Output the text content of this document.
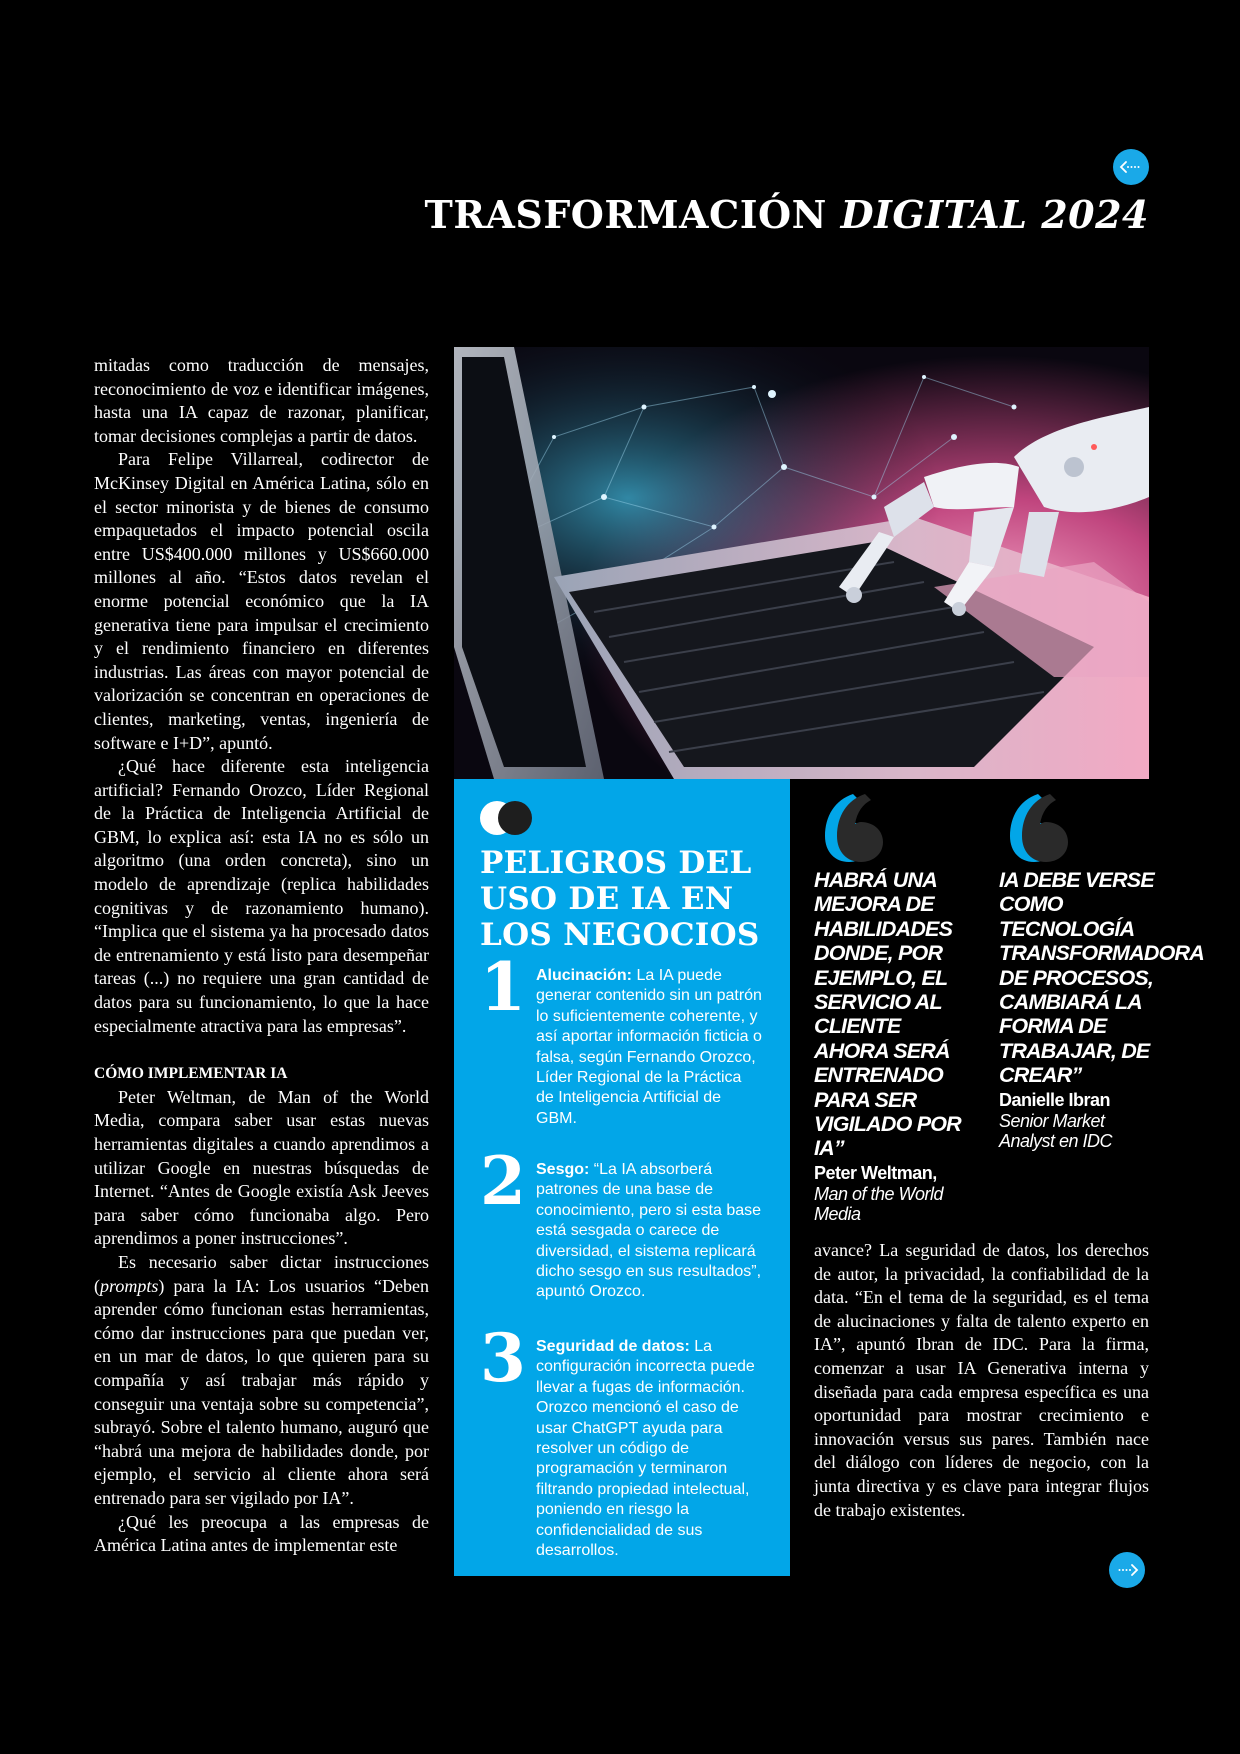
TRASFORMACIÓN DIGITAL 2024

mitadas como traducción de mensajes, reconocimiento de voz e identificar imágenes, hasta una IA capaz de razonar, planificar, tomar decisiones complejas a partir de datos.

Para Felipe Villarreal, codirector de McKinsey Digital en América Latina, sólo en el sector minorista y de bienes de consumo empaquetados el impacto potencial oscila entre US$400.000 millones y US$660.000 millones al año. “Estos datos revelan el enorme potencial económico que la IA generativa tiene para impulsar el crecimiento y el rendimiento financiero en diferentes industrias. Las áreas con mayor potencial de valorización se concentran en operaciones de clientes, marketing, ventas, ingeniería de software e I+D”, apuntó.

¿Qué hace diferente esta inteligencia artificial? Fernando Orozco, Líder Regional de la Práctica de Inteligencia Artificial de GBM, lo explica así: esta IA no es sólo un algoritmo (una orden concreta), sino un modelo de aprendizaje (replica habilidades cognitivas y de razonamiento humano). “Implica que el sistema ya ha procesado datos de entrenamiento y está listo para desempeñar tareas (...) no requiere una gran cantidad de datos para su funcionamiento, lo que la hace especialmente atractiva para las empresas”.

CÓMO IMPLEMENTAR IA

Peter Weltman, de Man of the World Media, compara saber usar estas nuevas herramientas digitales a cuando aprendimos a utilizar Google en nuestras búsquedas de Internet. “Antes de Google existía Ask Jeeves para saber cómo funcionaba algo. Pero aprendimos a poner instrucciones”.

Es necesario saber dictar instrucciones (prompts) para la IA: Los usuarios “Deben aprender cómo funcionan estas herramientas, cómo dar instrucciones para que puedan ver, en un mar de datos, lo que quieren para su compañía y así trabajar más rápido y conseguir una ventaja sobre su competencia”, subrayó. Sobre el talento humano, auguró que “habrá una mejora de habilidades donde, por ejemplo, el servicio al cliente ahora será entrenado para ser vigilado por IA”.

¿Qué les preocupa a las empresas de América Latina antes de implementar este

PELIGROS DEL USO DE IA EN LOS NEGOCIOS
1 Alucinación: La IA puede generar contenido sin un patrón lo suficientemente coherente, y así aportar información ficticia o falsa, según Fernando Orozco, Líder Regional de la Práctica de Inteligencia Artificial de GBM.
2 Sesgo: “La IA absorberá patrones de una base de conocimiento, pero si esta base está sesgada o carece de diversidad, el sistema replicará dicho sesgo en sus resultados”, apuntó Orozco.
3 Seguridad de datos: La configuración incorrecta puede llevar a fugas de información. Orozco mencionó el caso de usar ChatGPT ayuda para resolver un código de programación y terminaron filtrando propiedad intelectual, poniendo en riesgo la confidencialidad de sus desarrollos.
HABRÁ UNA MEJORA DE HABILIDADES DONDE, POR EJEMPLO, EL SERVICIO AL CLIENTE AHORA SERÁ ENTRENADO PARA SER VIGILADO POR IA”
Peter Weltman,
Man of the World Media
IA DEBE VERSE COMO TECNOLOGÍA TRANSFORMADORA DE PROCESOS, CAMBIARÁ LA FORMA DE TRABAJAR, DE CREAR”
Danielle Ibran
Senior Market Analyst en IDC

avance? La seguridad de datos, los derechos de autor, la privacidad, la confiabilidad de la data. “En el tema de la seguridad, es el tema de alucinaciones y falta de talento experto en IA”, apuntó Ibran de IDC. Para la firma, comenzar a usar IA Generativa interna y diseñada para cada empresa específica es una oportunidad para mostrar crecimiento e innovación versus sus pares. También nace del diálogo con líderes de negocio, con la junta directiva y es clave para integrar flujos de trabajo existentes.
